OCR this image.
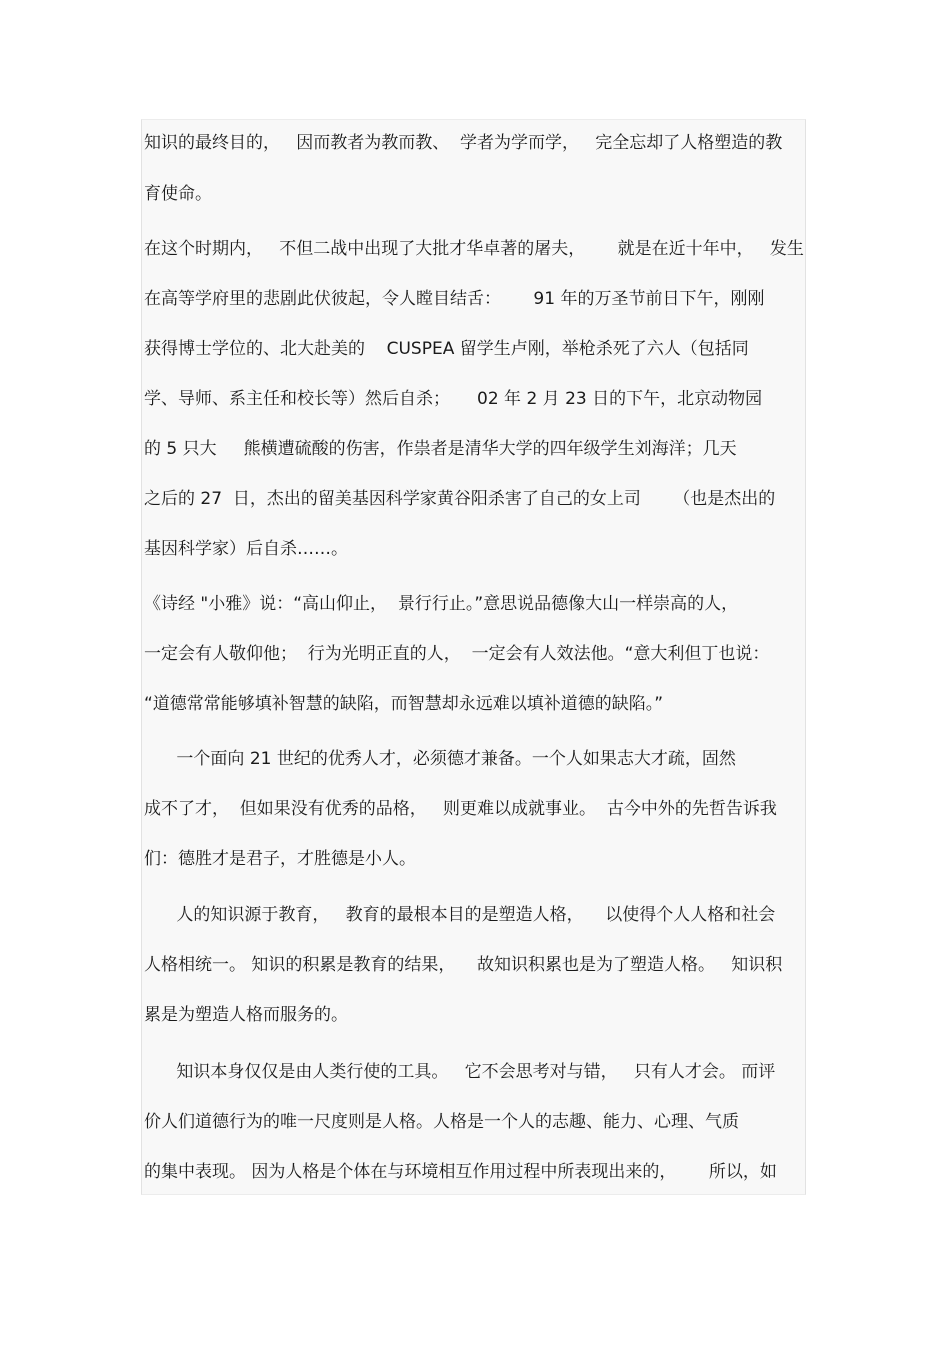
知识的最终目的，   因而教者为教而教、  学者为学而学，   完全忘却了人格塑造的教
育使命。
在这个时期内，   不但二战中出现了大批才华卓著的屠夫，      就是在近十年中，   发生
在高等学府里的悲剧此伏彼起，令人瞠目结舌：      91 年的万圣节前日下午，刚刚
获得博士学位的、北大赴美的    CUSPEA 留学生卢刚，举枪杀死了六人（包括同
学、导师、系主任和校长等）然后自杀；     02 年 2 月 23 日的下午，北京动物园
的 5 只大     熊横遭硫酸的伤害，作祟者是清华大学的四年级学生刘海洋；几天
之后的 27  日，杰出的留美基因科学家黄谷阳杀害了自己的女上司      （也是杰出的
基因科学家）后自杀……。
《诗经 "小雅》说：“高山仰止，  景行行止。”意思说品德像大山一样崇高的人，
一定会有人敬仰他；  行为光明正直的人，  一定会有人效法他。“意大利但丁也说：
“道德常常能够填补智慧的缺陷，而智慧却永远难以填补道德的缺陷。”
一个面向 21 世纪的优秀人才，必须德才兼备。一个人如果志大才疏，固然
成不了才，  但如果没有优秀的品格，   则更难以成就事业。  古今中外的先哲告诉我
们：德胜才是君子，才胜德是小人。
人的知识源于教育，   教育的最根本目的是塑造人格，    以使得个人人格和社会
人格相统一。 知识的积累是教育的结果，    故知识积累也是为了塑造人格。   知识积
累是为塑造人格而服务的。
知识本身仅仅是由人类行使的工具。   它不会思考对与错，   只有人才会。 而评
价人们道德行为的唯一尺度则是人格。人格是一个人的志趣、能力、心理、气质
的集中表现。 因为人格是个体在与环境相互作用过程中所表现出来的，      所以，如
